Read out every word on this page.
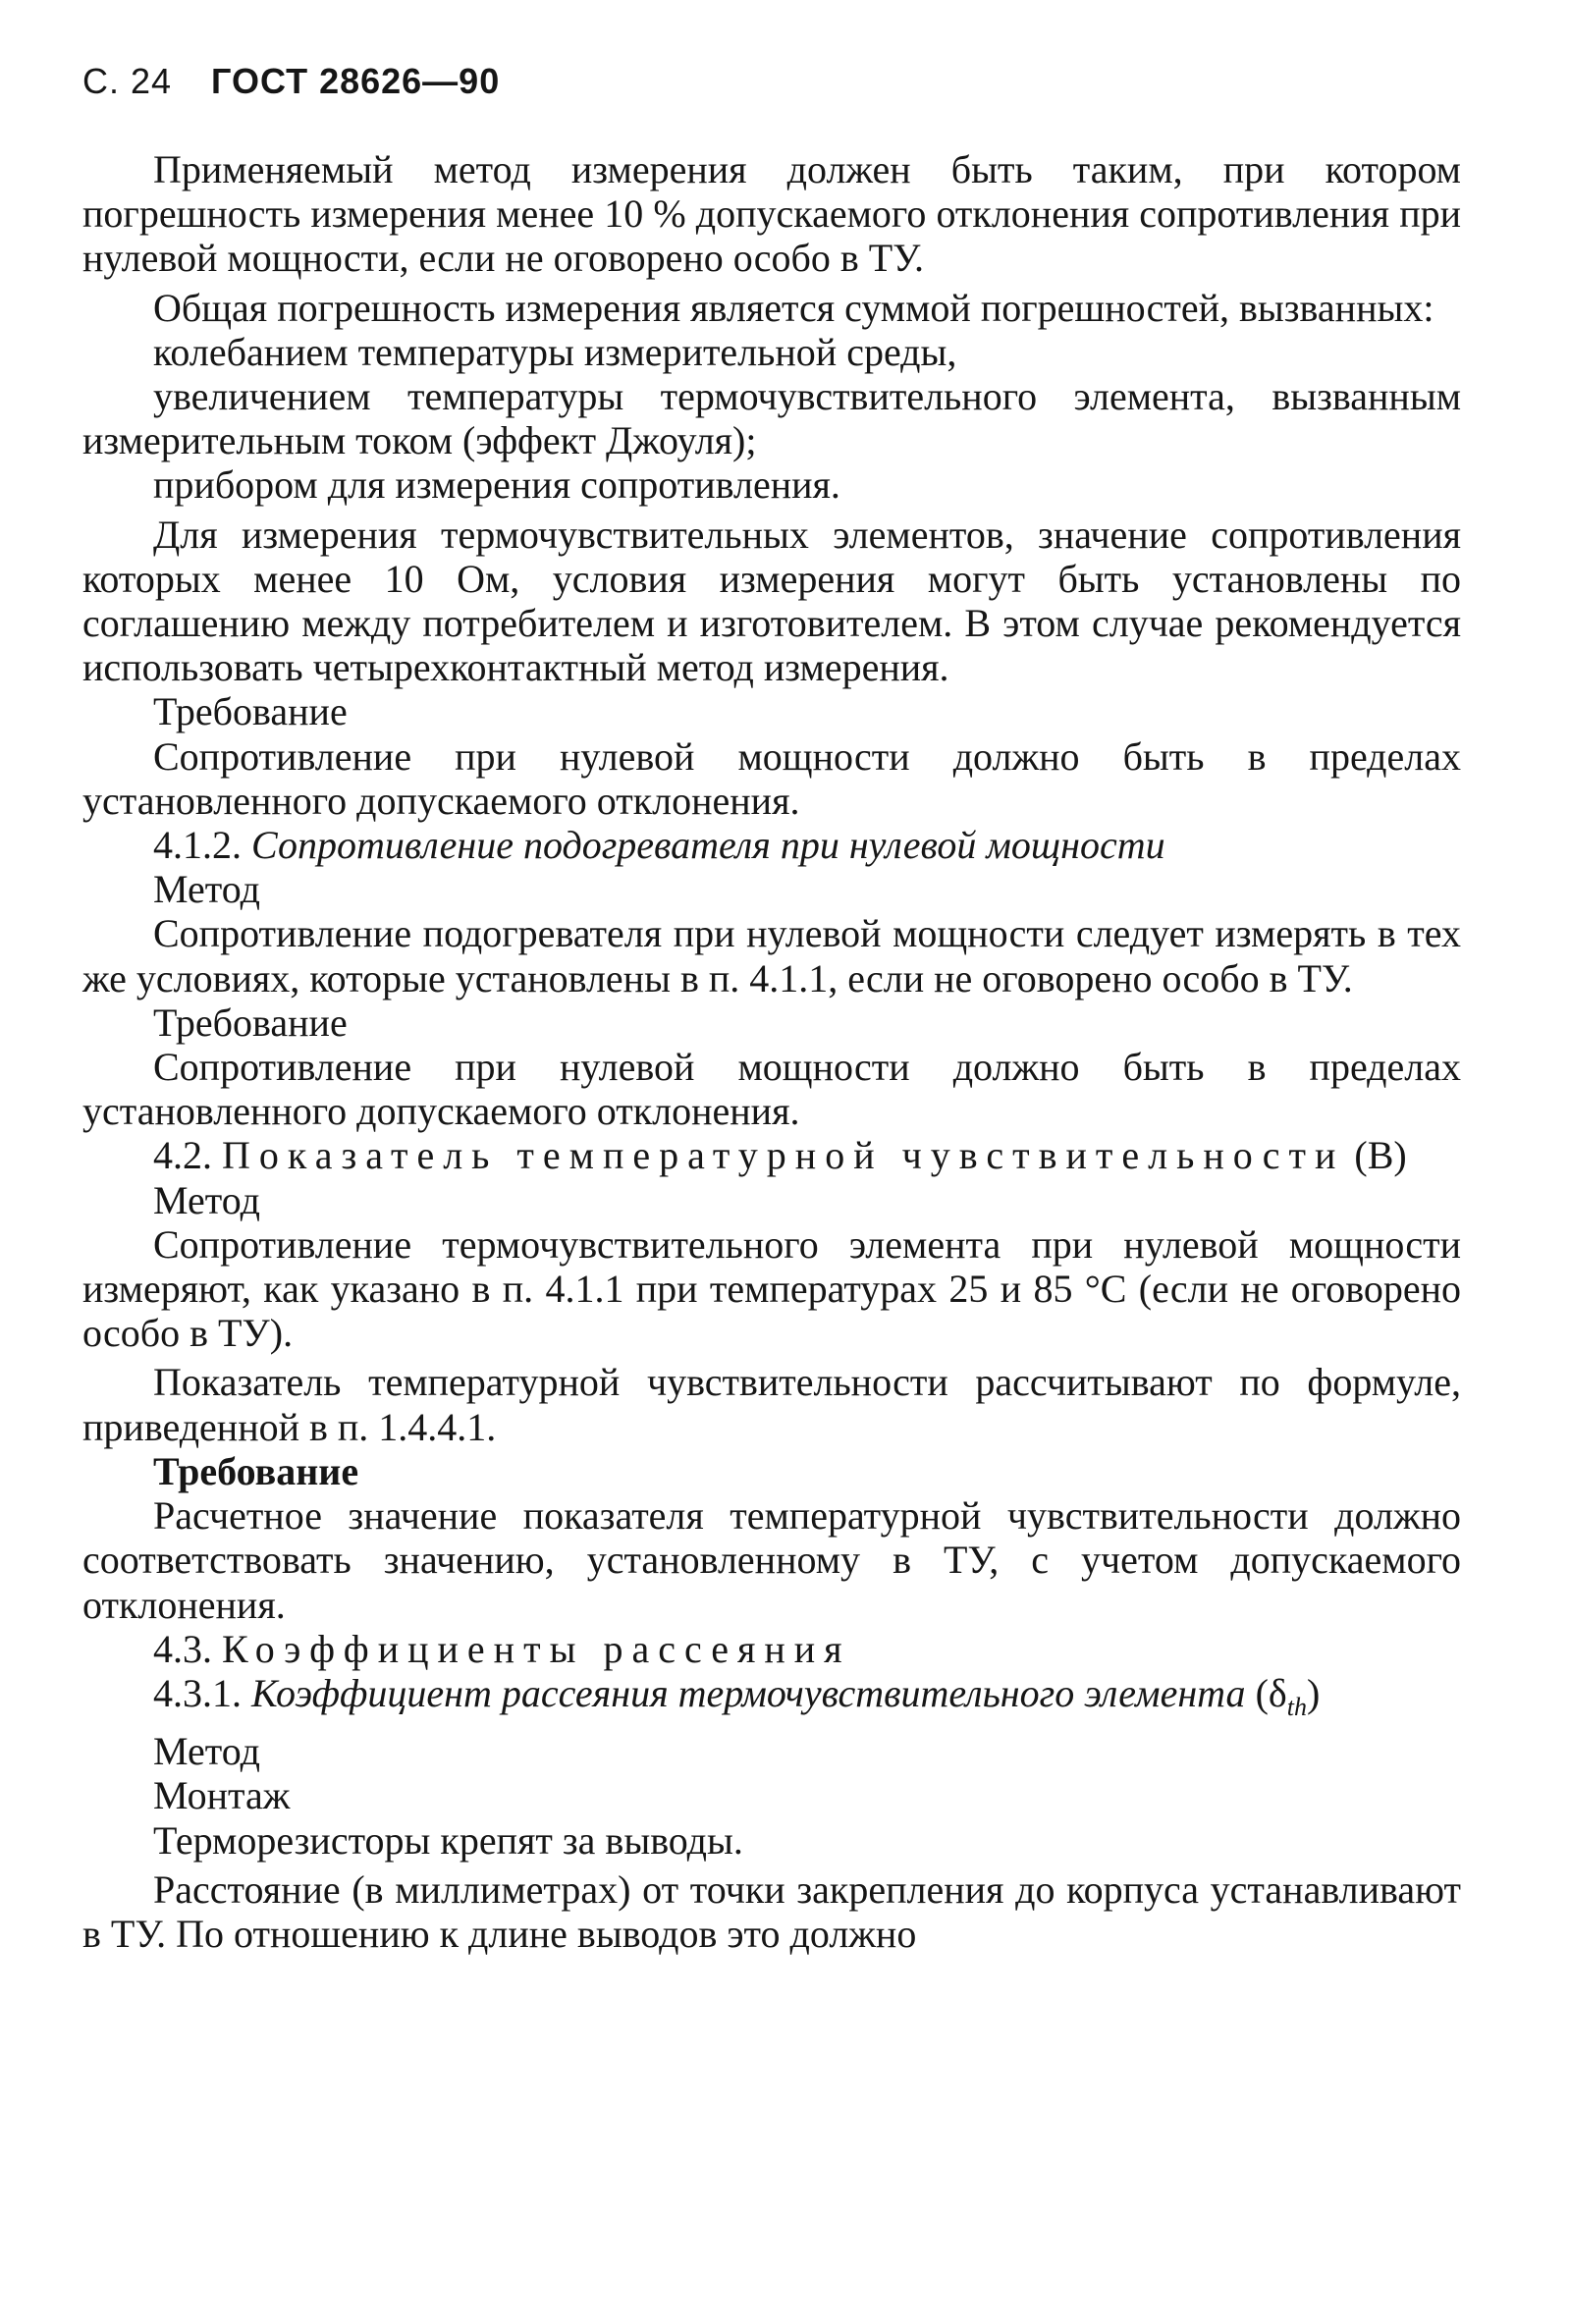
С. 24 ГОСТ 28626—90

Применяемый метод измерения должен быть таким, при котором погрешность измерения менее 10 % допускаемого отклонения сопротивления при нулевой мощности, если не оговорено особо в ТУ.

Общая погрешность измерения является суммой погрешностей, вызванных:

колебанием температуры измерительной среды,

увеличением температуры термочувствительного элемента, вызванным измерительным током (эффект Джоуля);

прибором для измерения сопротивления.

Для измерения термочувствительных элементов, значение сопротивления которых менее 10 Ом, условия измерения могут быть установлены по соглашению между потребителем и изготовителем. В этом случае рекомендуется использовать четырехконтактный метод измерения.

Требование

Сопротивление при нулевой мощности должно быть в пределах установленного допускаемого отклонения.

4.1.2. Сопротивление подогревателя при нулевой мощности

Метод

Сопротивление подогревателя при нулевой мощности следует измерять в тех же условиях, которые установлены в п. 4.1.1, если не оговорено особо в ТУ.

Требование

Сопротивление при нулевой мощности должно быть в пределах установленного допускаемого отклонения.

4.2. Показатель температурной чувствительности (B)

Метод

Сопротивление термочувствительного элемента при нулевой мощности измеряют, как указано в п. 4.1.1 при температурах 25 и 85 °С (если не оговорено особо в ТУ).

Показатель температурной чувствительности рассчитывают по формуле, приведенной в п. 1.4.4.1.

Требование

Расчетное значение показателя температурной чувствительности должно соответствовать значению, установленному в ТУ, с учетом допускаемого отклонения.

4.3. Коэффициенты рассеяния

4.3.1. Коэффициент рассеяния термочувствительного элемента $(\delta_{th})$

Метод

Монтаж

Терморезисторы крепят за выводы.

Расстояние (в миллиметрах) от точки закрепления до корпуса устанавливают в ТУ. По отношению к длине выводов это должно
